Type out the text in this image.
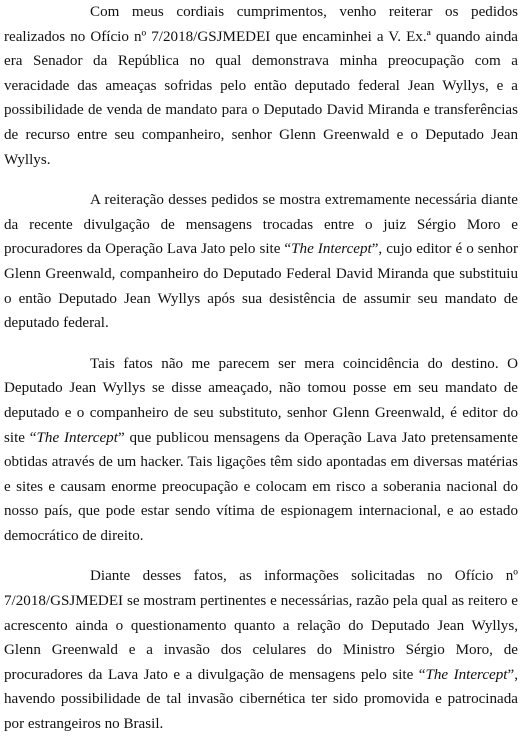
Com meus cordiais cumprimentos, venho reiterar os pedidos realizados no Ofício nº 7/2018/GSJMEDEI que encaminhei a V. Ex.ª quando ainda era Senador da República no qual demonstrava minha preocupação com a veracidade das ameaças sofridas pelo então deputado federal Jean Wyllys, e a possibilidade de venda de mandato para o Deputado David Miranda e transferências de recurso entre seu companheiro, senhor Glenn Greenwald e o Deputado Jean Wyllys.

A reiteração desses pedidos se mostra extremamente necessária diante da recente divulgação de mensagens trocadas entre o juiz Sérgio Moro e procuradores da Operação Lava Jato pelo site “The Intercept”, cujo editor é o senhor Glenn Greenwald, companheiro do Deputado Federal David Miranda que substituiu o então Deputado Jean Wyllys após sua desistência de assumir seu mandato de deputado federal.

Tais fatos não me parecem ser mera coincidência do destino. O Deputado Jean Wyllys se disse ameaçado, não tomou posse em seu mandato de deputado e o companheiro de seu substituto, senhor Glenn Greenwald, é editor do site “The Intercept” que publicou mensagens da Operação Lava Jato pretensamente obtidas através de um hacker. Tais ligações têm sido apontadas em diversas matérias e sites e causam enorme preocupação e colocam em risco a soberania nacional do nosso país, que pode estar sendo vítima de espionagem internacional, e ao estado democrático de direito.

Diante desses fatos, as informações solicitadas no Ofício nº 7/2018/GSJMEDEI se mostram pertinentes e necessárias, razão pela qual as reitero e acrescento ainda o questionamento quanto a relação do Deputado Jean Wyllys, Glenn Greenwald e a invasão dos celulares do Ministro Sérgio Moro, de procuradores da Lava Jato e a divulgação de mensagens pelo site “The Intercept”, havendo possibilidade de tal invasão cibernética ter sido promovida e patrocinada por estrangeiros no Brasil.
